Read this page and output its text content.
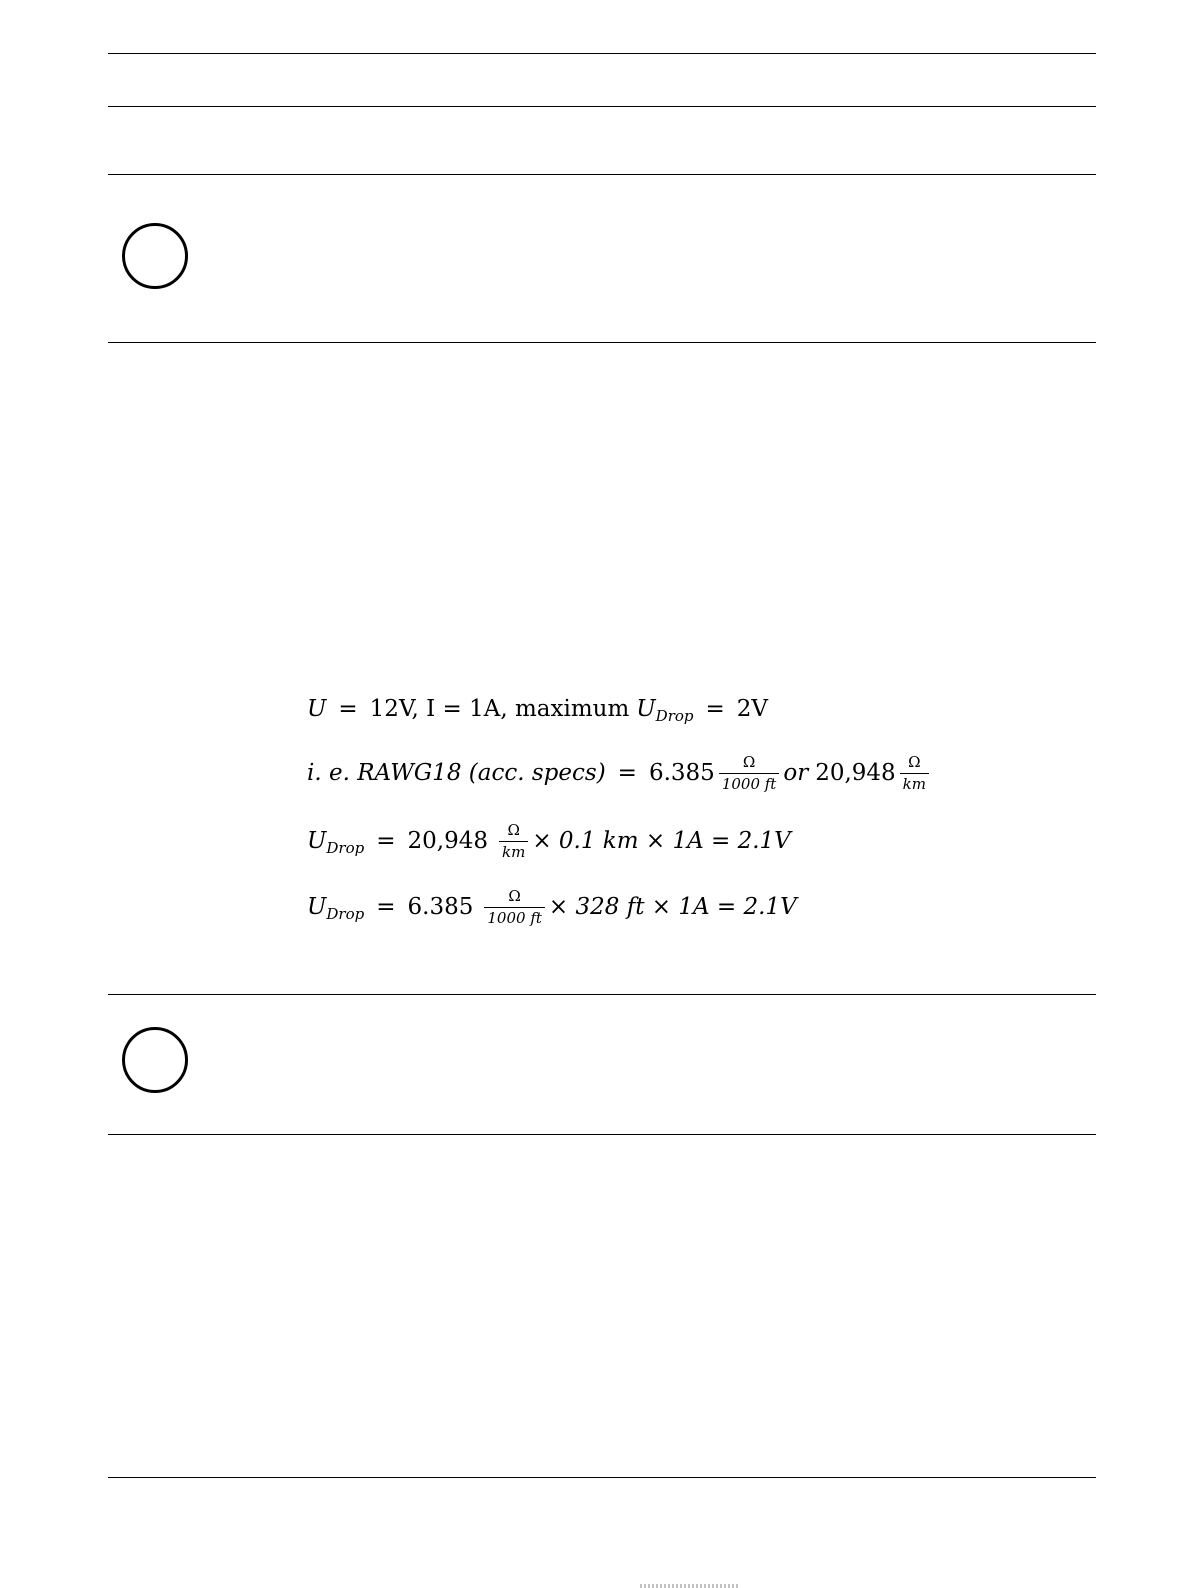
U = 12V, I = 1A, maximum U Drop = 2V
i. e. RAWG18 (acc. specs) = $6.385 \frac{\Omega}{1000 ft}$ or $20,948 \frac{\Omega}{km}$
U Drop = $20,948 \frac{\Omega}{km} \times 0.1$ km × 1A = 2.1V
U Drop = $6.385 \frac{\Omega}{1000 ft} \times 328$ ft × 1A = 2.1V
